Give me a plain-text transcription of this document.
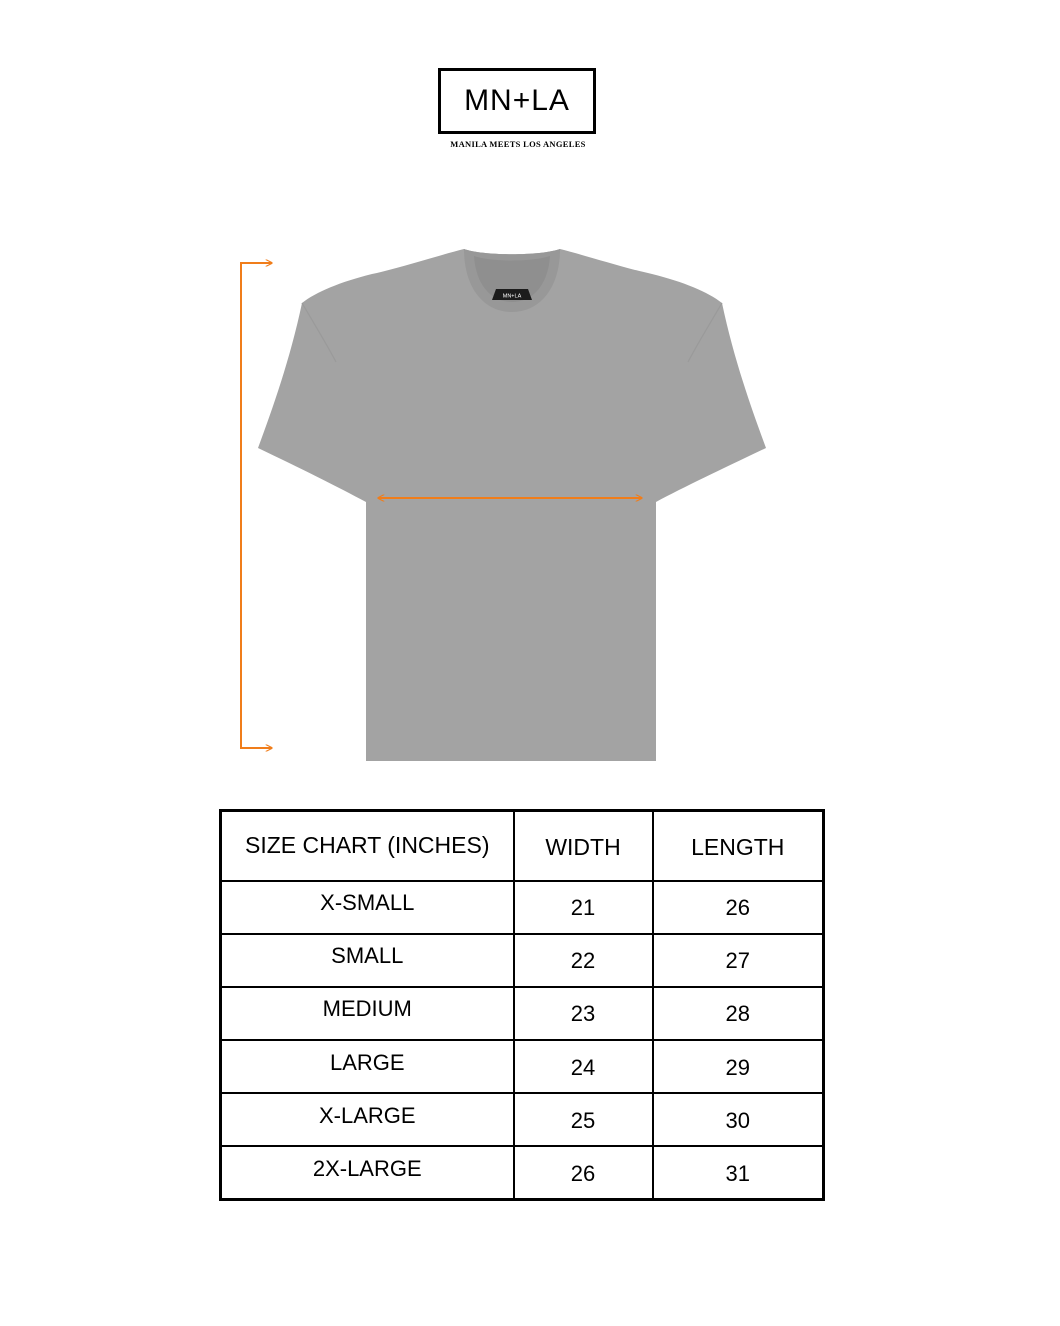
MN+LA
MANILA MEETS LOS ANGELES
MN+LA
SIZE CHART (INCHES)	WIDTH	LENGTH
X-SMALL	21	26
SMALL	22	27
MEDIUM	23	28
LARGE	24	29
X-LARGE	25	30
2X-LARGE	26	31
